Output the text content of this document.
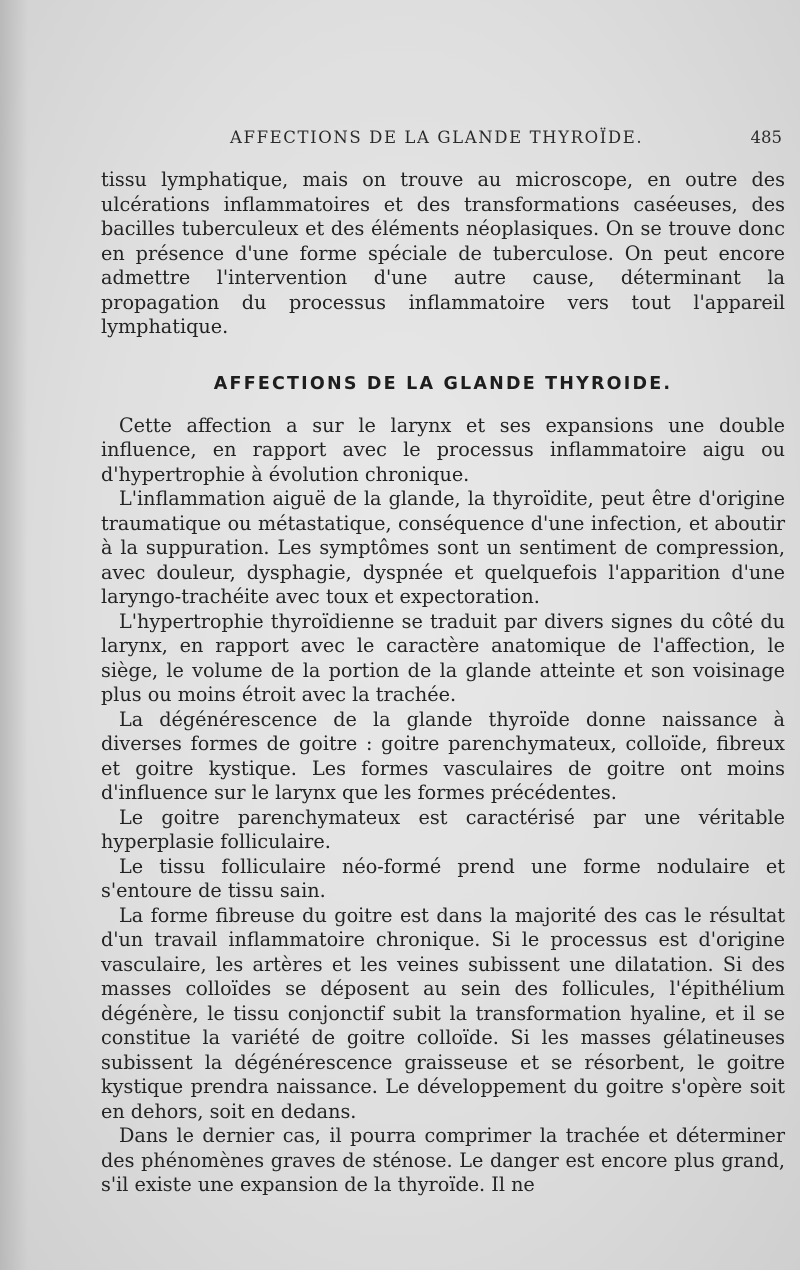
AFFECTIONS DE LA GLANDE THYROÏDE.	485

tissu lymphatique, mais on trouve au microscope, en outre des ulcérations inflammatoires et des transformations caséeuses, des bacilles tuberculeux et des éléments néoplasiques. On se trouve donc en présence d'une forme spéciale de tuberculose. On peut encore admettre l'intervention d'une autre cause, déterminant la propagation du processus inflammatoire vers tout l'appareil lymphatique.

AFFECTIONS DE LA GLANDE THYROIDE.

Cette affection a sur le larynx et ses expansions une double influence, en rapport avec le processus inflammatoire aigu ou d'hypertrophie à évolution chronique.

L'inflammation aiguë de la glande, la thyroïdite, peut être d'origine traumatique ou métastatique, conséquence d'une infection, et aboutir à la suppuration. Les symptômes sont un sentiment de compression, avec douleur, dysphagie, dyspnée et quelquefois l'apparition d'une laryngo-trachéite avec toux et expectoration.

L'hypertrophie thyroïdienne se traduit par divers signes du côté du larynx, en rapport avec le caractère anatomique de l'affection, le siège, le volume de la portion de la glande atteinte et son voisinage plus ou moins étroit avec la trachée.

La dégénérescence de la glande thyroïde donne naissance à diverses formes de goitre : goitre parenchymateux, colloïde, fibreux et goitre kystique. Les formes vasculaires de goitre ont moins d'influence sur le larynx que les formes précédentes.

Le goitre parenchymateux est caractérisé par une véritable hyperplasie folliculaire.

Le tissu folliculaire néo-formé prend une forme nodulaire et s'entoure de tissu sain.

La forme fibreuse du goitre est dans la majorité des cas le résultat d'un travail inflammatoire chronique. Si le processus est d'origine vasculaire, les artères et les veines subissent une dilatation. Si des masses colloïdes se déposent au sein des follicules, l'épithélium dégénère, le tissu conjonctif subit la transformation hyaline, et il se constitue la variété de goitre colloïde. Si les masses gélatineuses subissent la dégénérescence graisseuse et se résorbent, le goitre kystique prendra naissance. Le développement du goitre s'opère soit en dehors, soit en dedans.

Dans le dernier cas, il pourra comprimer la trachée et déterminer des phénomènes graves de sténose. Le danger est encore plus grand, s'il existe une expansion de la thyroïde. Il ne
